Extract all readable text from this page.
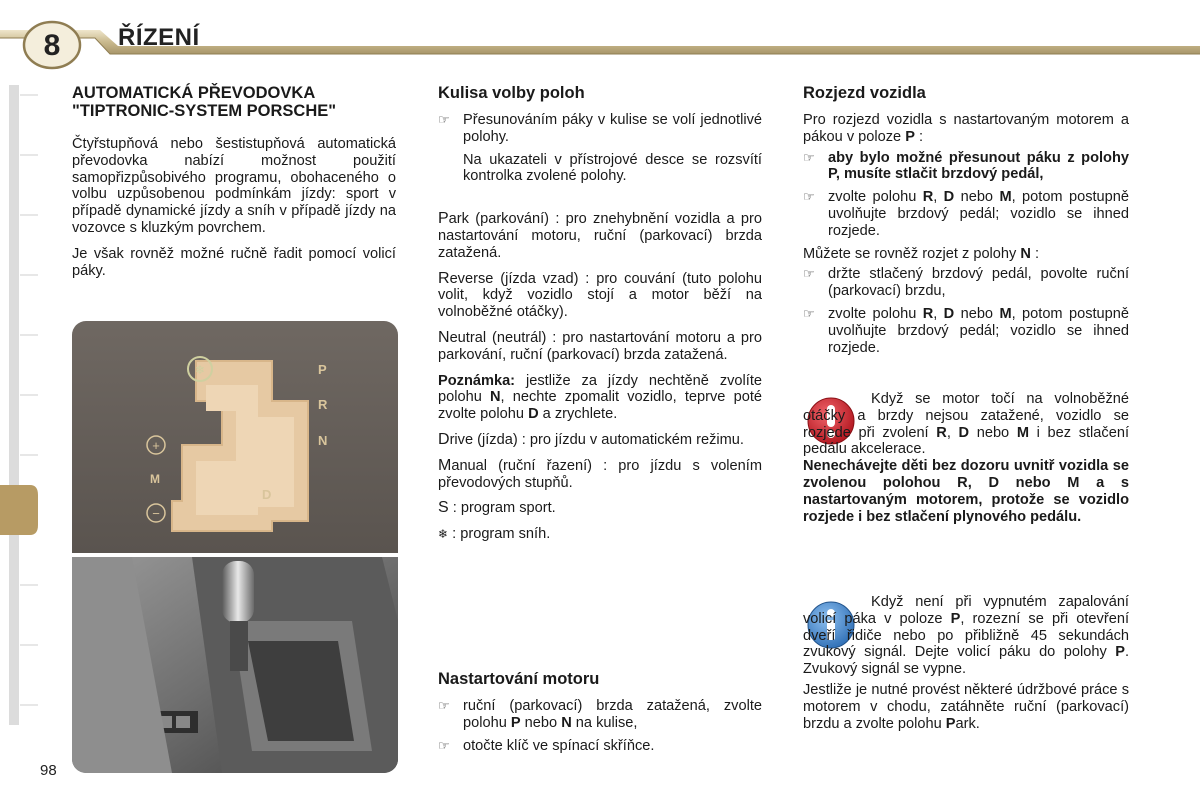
8	ŘÍZENÍ
98
AUTOMATICKÁ PŘEVODOVKA "TIPTRONIC-SYSTEM PORSCHE"

Čtyřstupňová nebo šestistupňová automatická převodovka nabízí možnost použití samopřizpůsobivého programu, obohaceného o volbu uzpůsobenou podmínkám jízdy: sport v případě dynamické jízdy a sníh v případě jízdy na vozovce s kluzkým povrchem.

Je však rovněž možné ručně řadit pomocí volicí páky.

❄	P
R
N
D
M
+
−
Kulisa volby poloh
☞ Přesunováním páky v kulise se volí jednotlivé polohy.
Na ukazateli v přístrojové desce se rozsvítí kontrolka zvolené polohy.

Park (parkování) : pro znehybnění vozidla a pro nastartování motoru, ruční (parkovací) brzda zatažená.

Reverse (jízda vzad) : pro couvání (tuto polohu volit, když vozidlo stojí a motor běží na volnoběžné otáčky).

Neutral (neutrál) : pro nastartování motoru a pro parkování, ruční (parkovací) brzda zatažená.

Poznámka: jestliže za jízdy nechtěně zvolíte polohu N, nechte zpomalit vozidlo, teprve poté zvolte polohu D a zrychlete.

Drive (jízda) : pro jízdu v automatickém režimu.

Manual (ruční řazení) : pro jízdu s volením převodových stupňů.

S : program sport.

❄ : program sníh.

Nastartování motoru
☞ ruční (parkovací) brzda zatažená, zvolte polohu P nebo N na kulise,
☞ otočte klíč ve spínací skříňce.
Rozjezd vozidla

Pro rozjezd vozidla s nastartovaným motorem a pákou v poloze P :

☞ aby bylo možné přesunout páku z polohy P, musíte stlačit brzdový pedál,
☞ zvolte polohu R, D nebo M, potom postupně uvolňujte brzdový pedál; vozidlo se ihned rozjede.

Můžete se rovněž rozjet z polohy N :

☞ držte stlačený brzdový pedál, povolte ruční (parkovací) brzdu,
☞ zvolte polohu R, D nebo M, potom postupně uvolňujte brzdový pedál; vozidlo se ihned rozjede.

Když se motor točí na volnoběžné otáčky a brzdy nejsou zatažené, vozidlo se rozjede při zvolení R, D nebo M i bez stlačení pedálu akcelerace.

Nenechávejte děti bez dozoru uvnitř vozidla se zvolenou polohou R, D nebo M a s nastartovaným motorem, protože se vozidlo rozjede i bez stlačení plynového pedálu.

Když není při vypnutém zapalování volicí páka v poloze P, rozezní se při otevření dveří řidiče nebo po přibližně 45 sekundách zvukový signál. Dejte volicí páku do polohy P. Zvukový signál se vypne.

Jestliže je nutné provést některé údržbové práce s motorem v chodu, zatáhněte ruční (parkovací) brzdu a zvolte polohu Park.
